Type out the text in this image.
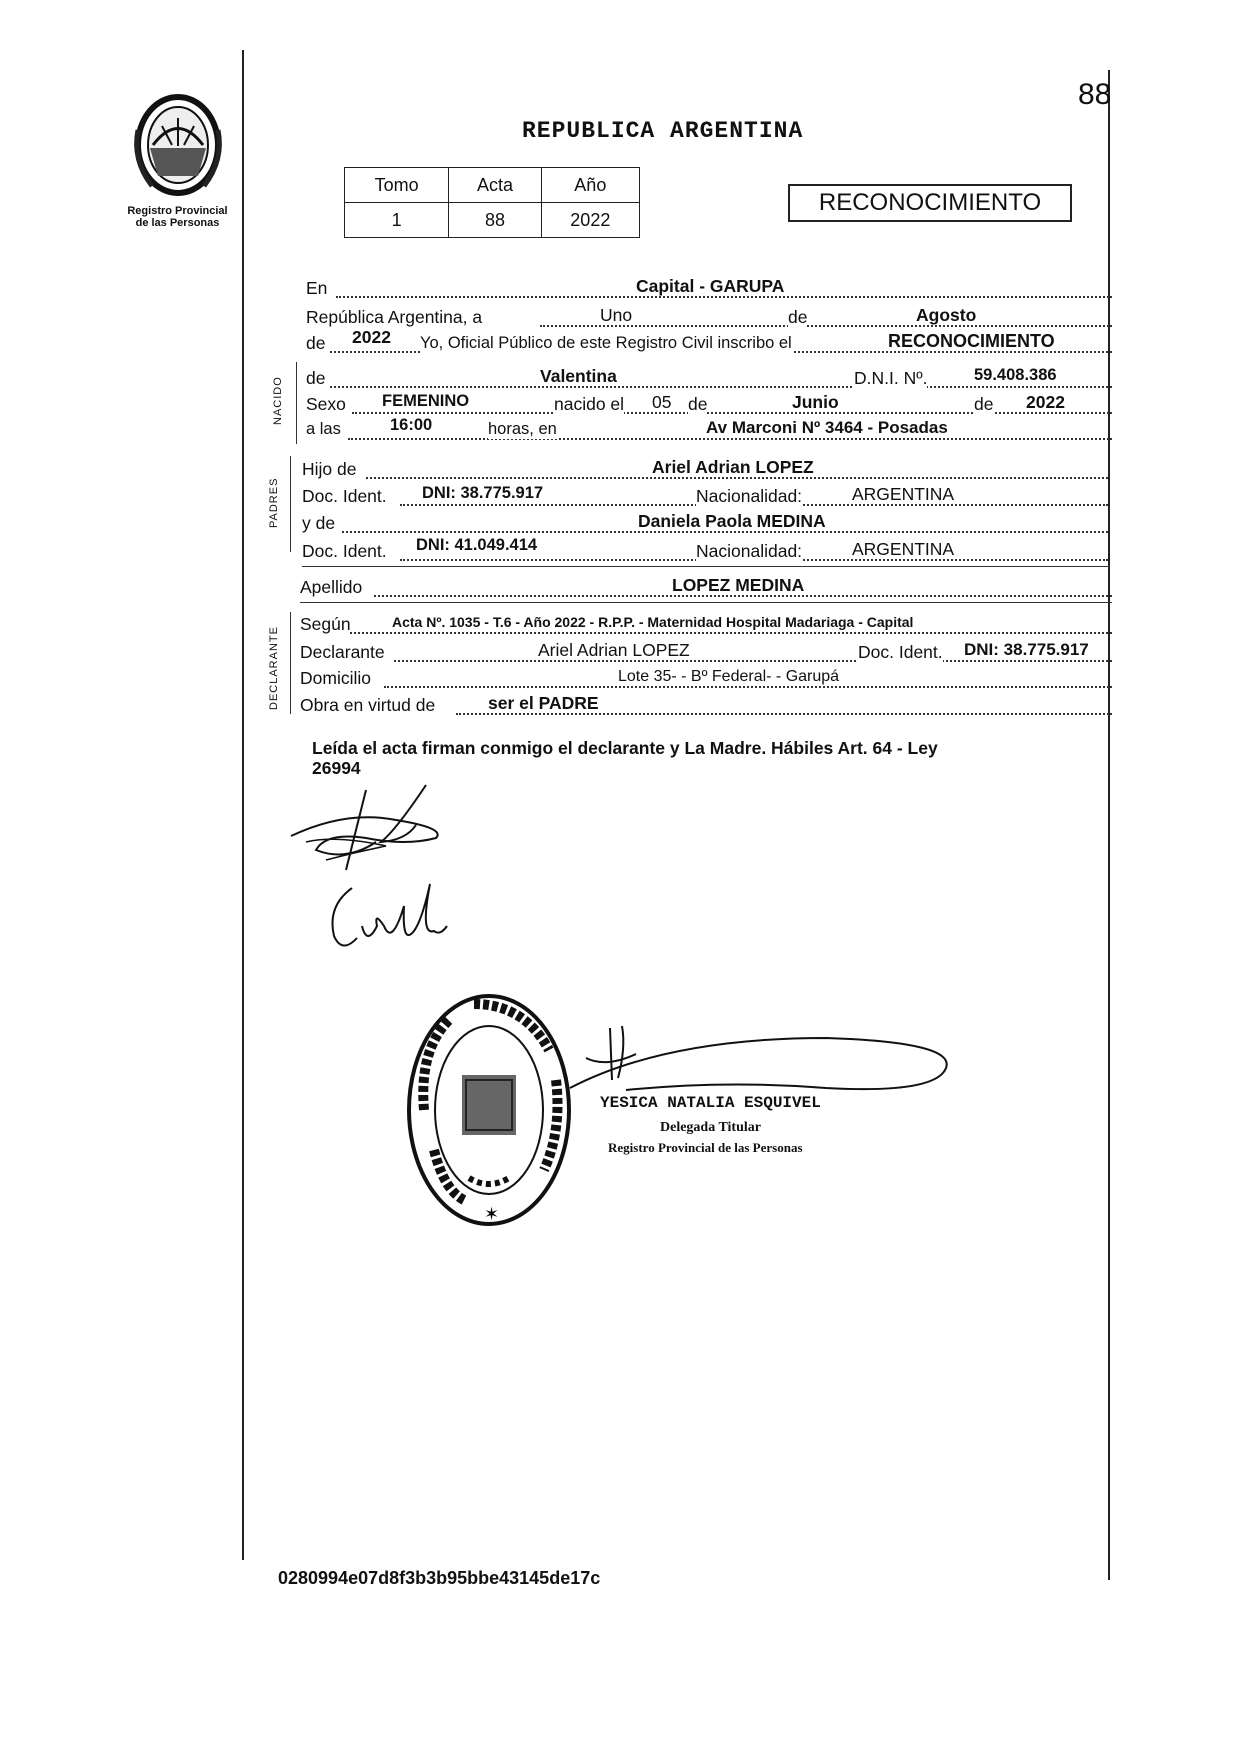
Registro Provincial
de las Personas
88
REPUBLICA ARGENTINA
Tomo	Acta	Año
1	88	2022
RECONOCIMIENTO
En	Capital - GARUPA
República Argentina, a	Uno	de	Agosto
de 2022 Yo, Oficial Público de este Registro Civil inscribo el	RECONOCIMIENTO
NACIDO de	Valentina	D.N.I. Nº.	59.408.386
Sexo FEMENINO	nacido el 05 de	Junio	de 2022
a las	16:00	horas, en	Av Marconi Nº 3464 - Posadas
PADRES
Hijo de	Ariel Adrian LOPEZ
Doc. Ident. DNI: 38.775.917	Nacionalidad:	ARGENTINA
y de	Daniela Paola MEDINA
Doc. Ident. DNI: 41.049.414	Nacionalidad:	ARGENTINA
Apellido	LOPEZ MEDINA
DECLARANTE
Según	Acta Nº. 1035 - T.6 - Año 2022 - R.P.P. - Maternidad Hospital Madariaga - Capital
Declarante	Ariel Adrian LOPEZ	Doc. Ident. DNI: 38.775.917
Domicilio	Lote 35- - Bº Federal- - Garupá
Obra en virtud de	ser el PADRE
Leída el acta firman conmigo el declarante y La Madre. Hábiles Art. 64 - Ley
26994
✶
YESICA NATALIA ESQUIVEL
Delegada Titular
Registro Provincial de las Personas
0280994e07d8f3b3b95bbe43145de17c
